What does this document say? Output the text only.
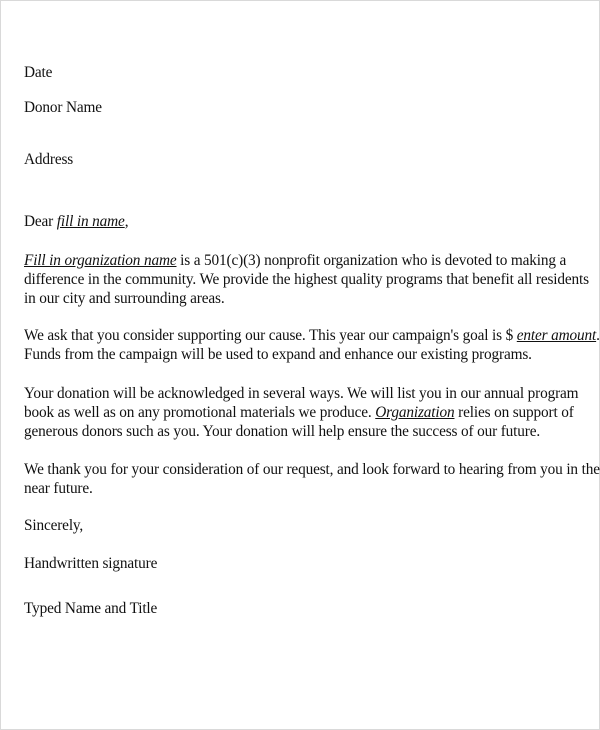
Date

Donor Name

Address

Dear fill in name,

Fill in organization name is a 501(c)(3) nonprofit organization who is devoted to making a

difference in the community. We provide the highest quality programs that benefit all residents

in our city and surrounding areas.

We ask that you consider supporting our cause. This year our campaign's goal is $ enter amount.

Funds from the campaign will be used to expand and enhance our existing programs.

Your donation will be acknowledged in several ways. We will list you in our annual program

book as well as on any promotional materials we produce. Organization relies on support of

generous donors such as you. Your donation will help ensure the success of our future.

We thank you for your consideration of our request, and look forward to hearing from you in the

near future.

Sincerely,

Handwritten signature

Typed Name and Title
